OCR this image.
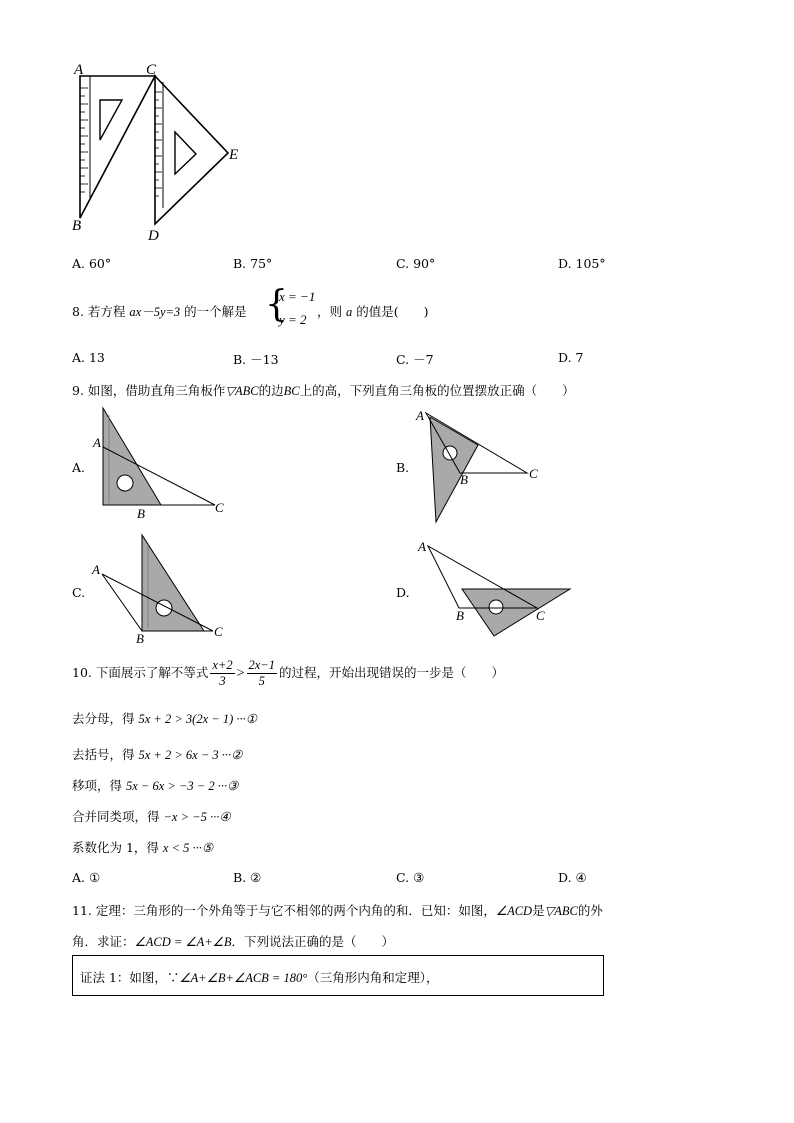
A	C
E
B
D
A. 60°	B. 75°	C. 90°	D. 105°
8. 若方程 ax－5y=3 的一个解是 {
x = −1
y = 2
，则 a 的值是(　　)
A. 13	B. －13	C. －7	D. 7
9. 如图，借助直角三角板作▽ABC的边BC上的高，下列直角三角板的位置摆放正确（　　）
A.
A
B	C
B.
A
B	C
C.
A
B	C
D.
A
B	C
10. 下面展示了解不等式 $\frac{x+2}{3} > \frac{2x-1}{5}$ 的过程，开始出现错误的一步是（　　）
去分母，得 5x + 2 > 3(2x − 1) ···①
去括号，得 5x + 2 > 6x − 3 ···②
移项，得 5x − 6x > −3 − 2 ···③
合并同类项，得 −x > −5 ···④
系数化为 1，得 x < 5 ···⑤
A. ①	B. ②	C. ③	D. ④
11. 定理：三角形的一个外角等于与它不相邻的两个内角的和．已知：如图，∠ACD是▽ABC的外
角．求证：∠ACD = ∠A+∠B．下列说法正确的是（　　）
证法 1：如图，∵∠A+∠B+∠ACB = 180°（三角形内角和定理），
